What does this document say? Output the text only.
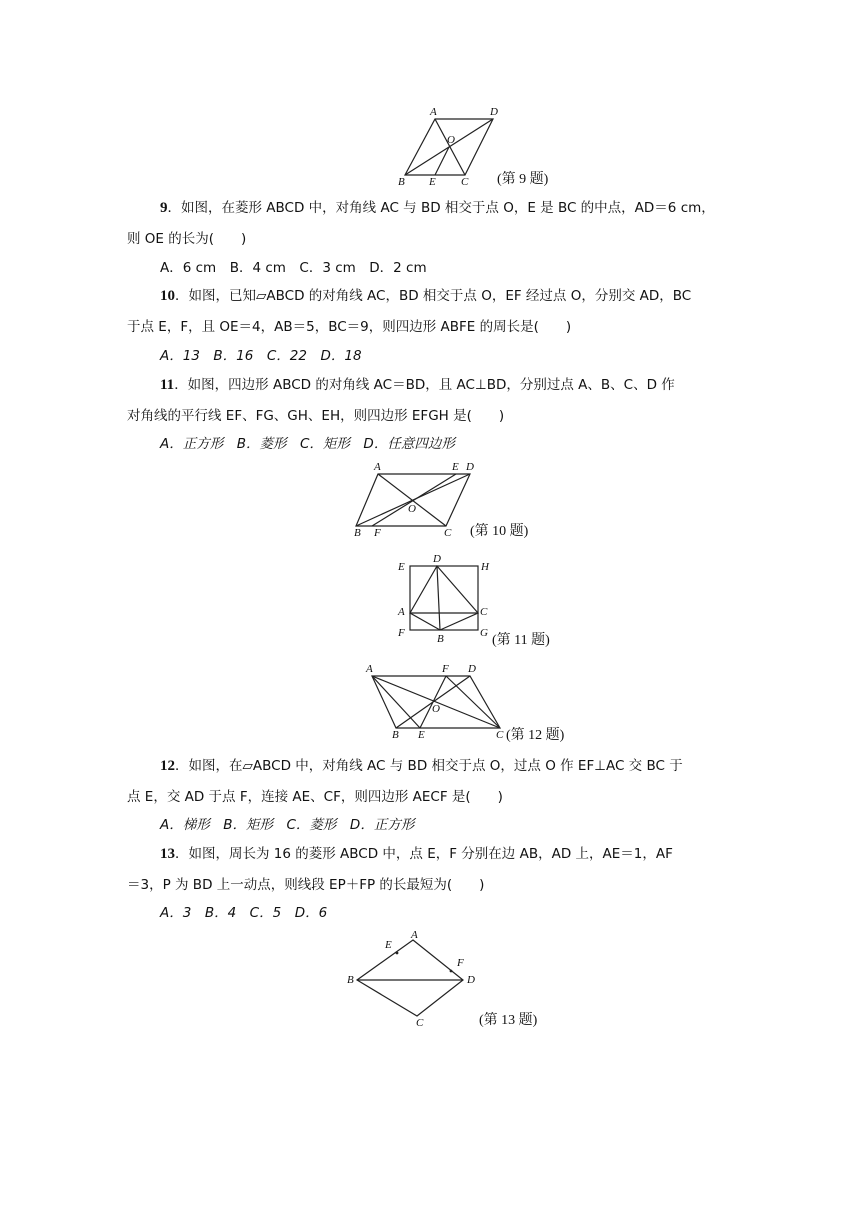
A	D
O
B E C (第 9 题)
9．如图，在菱形 ABCD 中，对角线 AC 与 BD 相交于点 O，E 是 BC 的中点，AD＝6 cm，
则 OE 的长为(　　)
A．6 cm　B．4 cm　C．3 cm　D．2 cm
10．如图，已知▱ABCD 的对角线 AC，BD 相交于点 O，EF 经过点 O，分别交 AD，BC
于点 E，F，且 OE＝4，AB＝5，BC＝9，则四边形 ABFE 的周长是(　　)
A．13　B．16　C．22　D．18
11．如图，四边形 ABCD 的对角线 AC＝BD，且 AC⊥BD，分别过点 A、B、C、D 作
对角线的平行线 EF、FG、GH、EH，则四边形 EFGH 是(　　)
A．正方形　B．菱形　C．矩形　D．任意四边形
A	E D
O
B F	C (第 10 题)
E
D
H
A	C
F	B	G (第 11 题)
A	F D
O
B E	C (第 12 题)
12．如图，在▱ABCD 中，对角线 AC 与 BD 相交于点 O，过点 O 作 EF⊥AC 交 BC 于
点 E，交 AD 于点 F，连接 AE、CF，则四边形 AECF 是(　　)
A．梯形　B．矩形　C．菱形　D．正方形
13．如图，周长为 16 的菱形 ABCD 中，点 E，F 分别在边 AB，AD 上，AE＝1，AF
＝3，P 为 BD 上一动点，则线段 EP＋FP 的长最短为(　　)
A．3　B．4　C．5　D．6
E
A
F
B	D
C	(第 13 题)
